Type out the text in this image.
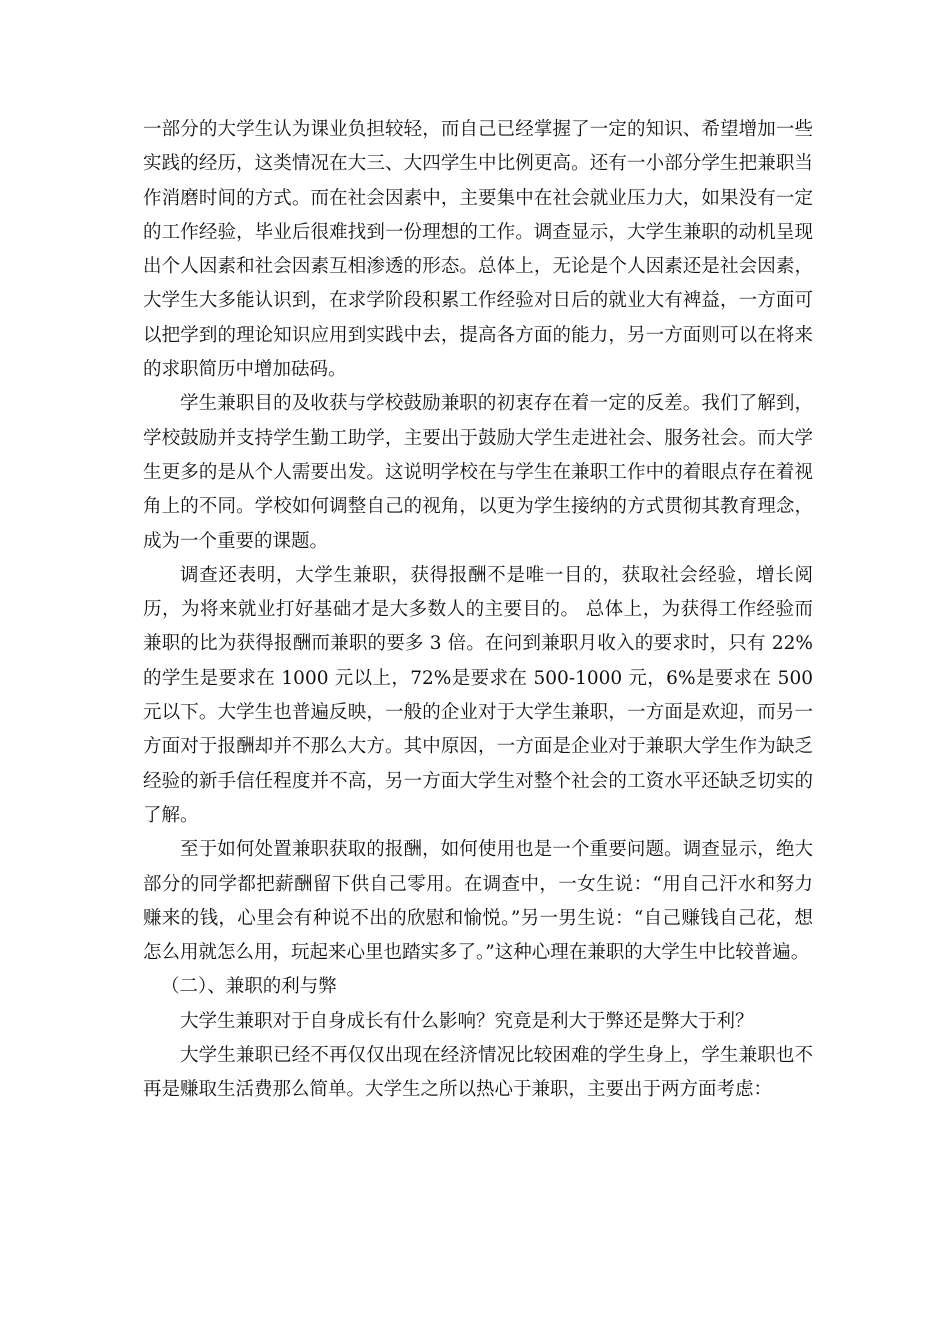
一部分的大学生认为课业负担较轻，而自己已经掌握了一定的知识、希望增加一些实践的经历，这类情况在大三、大四学生中比例更高。还有一小部分学生把兼职当作消磨时间的方式。而在社会因素中，主要集中在社会就业压力大，如果没有一定的工作经验，毕业后很难找到一份理想的工作。调查显示，大学生兼职的动机呈现出个人因素和社会因素互相渗透的形态。总体上，无论是个人因素还是社会因素，大学生大多能认识到，在求学阶段积累工作经验对日后的就业大有裨益，一方面可以把学到的理论知识应用到实践中去，提高各方面的能力，另一方面则可以在将来的求职简历中增加砝码。

学生兼职目的及收获与学校鼓励兼职的初衷存在着一定的反差。我们了解到，学校鼓励并支持学生勤工助学，主要出于鼓励大学生走进社会、服务社会。而大学生更多的是从个人需要出发。这说明学校在与学生在兼职工作中的着眼点存在着视角上的不同。学校如何调整自己的视角，以更为学生接纳的方式贯彻其教育理念，成为一个重要的课题。

调查还表明，大学生兼职，获得报酬不是唯一目的，获取社会经验，增长阅历，为将来就业打好基础才是大多数人的主要目的。 总体上，为获得工作经验而兼职的比为获得报酬而兼职的要多 3 倍。在问到兼职月收入的要求时，只有 22%的学生是要求在 1000 元以上，72%是要求在 500-1000 元，6%是要求在 500 元以下。大学生也普遍反映，一般的企业对于大学生兼职，一方面是欢迎，而另一方面对于报酬却并不那么大方。其中原因，一方面是企业对于兼职大学生作为缺乏经验的新手信任程度并不高，另一方面大学生对整个社会的工资水平还缺乏切实的了解。

至于如何处置兼职获取的报酬，如何使用也是一个重要问题。调查显示，绝大部分的同学都把薪酬留下供自己零用。在调查中，一女生说：“用自己汗水和努力赚来的钱，心里会有种说不出的欣慰和愉悦。”另一男生说：“自己赚钱自己花，想怎么用就怎么用，玩起来心里也踏实多了。”这种心理在兼职的大学生中比较普遍。

（二）、兼职的利与弊

大学生兼职对于自身成长有什么影响？究竟是利大于弊还是弊大于利？

大学生兼职已经不再仅仅出现在经济情况比较困难的学生身上，学生兼职也不再是赚取生活费那么简单。大学生之所以热心于兼职，主要出于两方面考虑：
